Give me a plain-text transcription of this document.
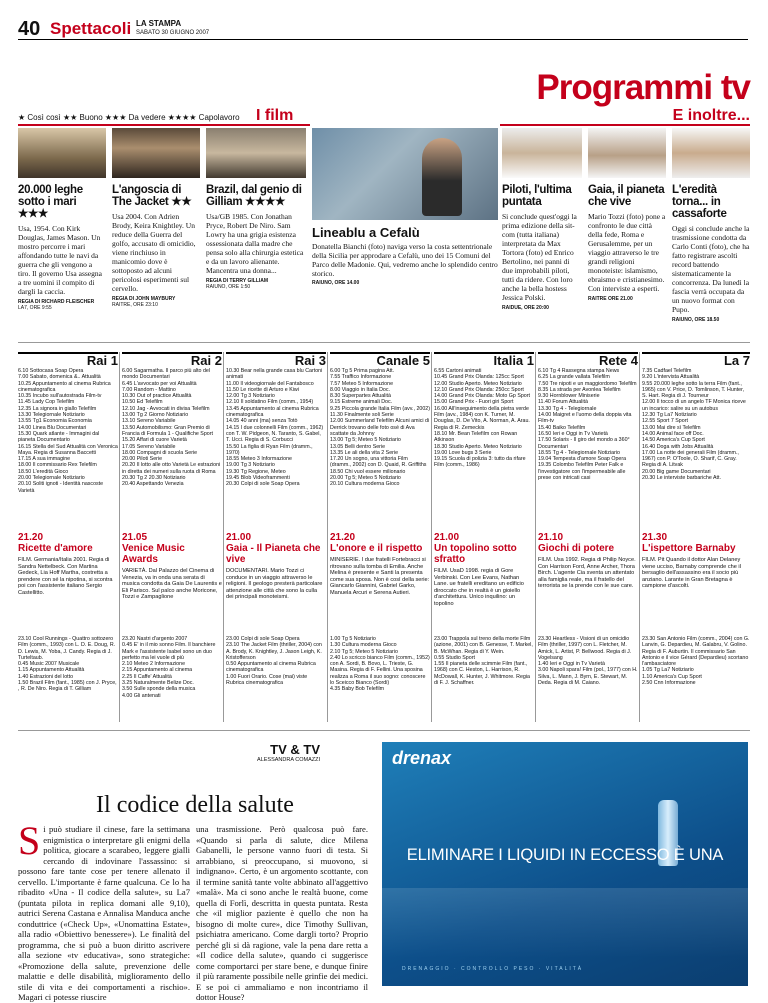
40 Spettacoli LA STAMPA
SABATO 30 GIUGNO 2007
Programmi tv
★ Così così ★★ Buono ★★★ Da vedere ★★★★ Capolavoro I film	E inoltre...
20.000 leghe sotto i mari ★★★

Usa, 1954. Con Kirk Douglas, James Mason. Un mostro percorre i mari affondando tutte le navi da guerra che gli vengono a tiro. Il governo Usa assegna a tre uomini il compito di dargli la caccia.

REGIA DI RICHARD FLEISCHER
LA7, ORE 9:55
L'angoscia di The Jacket ★★

Usa 2004. Con Adrien Brody, Keira Knightley. Un reduce della Guerra del golfo, accusato di omicidio, viene rinchiuso in manicomio dove è sottoposto ad alcuni pericolosi esperimenti sul cervello.

REGIA DI JOHN MAYBURY
RAITRE, ORE 23:10
Brazil, dal genio di Gilliam ★★★★

Usa/GB 1985. Con Jonathan Pryce, Robert De Niro. Sam Lowry ha una grigia esistenza ossessionata dalla madre che pensa solo alla chirurgia estetica e da un lavoro alienante. Mancentra una donna...

REGIA DI TERRY GILLIAM
RAIUNO, ORE 1:50
Piloti, l'ultima puntata

Si conclude quest'oggi la prima edizione della sit-com (tutta italiana) interpretata da Max Tortora (foto) ed Enrico Bertolino, nei panni di due improbabili piloti, tutti da ridere. Con loro anche la bella hostess Jessica Polski.

RAIDUE, ORE 20:00
Gaia, il pianeta che vive

Mario Tozzi (foto) pone a confronto le due città della fede, Roma e Gerusalemme, per un viaggio attraverso le tre grandi religioni monoteiste: islamismo, ebraismo e cristianesimo. Con interviste a esperti.

RAITRE ORE 21.00
L'eredità torna... in cassaforte

Oggi si conclude anche la trasmissione condotta da Carlo Conti (foto), che ha fatto registrare ascolti record battendo sistematicamente la concorrenza. Da lunedì la fascia verrà occupata da un nuovo format con Pupo.

RAIUNO, ORE 18.50
Lineablu a Cefalù

Donatella Bianchi (foto) naviga verso la costa settentrionale della Sicilia per approdare a Cefalù, uno dei 15 Comuni del Parco delle Madonie. Qui, vedremo anche lo splendido centro storico.

RAIUNO, ORE 14.00
Rai 1
6.10 Sottocasa Soap Opera
7.00 Sabato, domenica &.. Attualità
10.25 Appuntamento al cinema Rubrica cinematografica
10.35 Incubo sull'autostrada Film-tv
11.45 Lady Cop Telefilm
12.35 La signora in giallo Telefilm
13.30 Telegiornale Notiziario
13.55 Tg1 Economia Economia
14.00 Linea Blu Documentari
15.30 Quark atlante - Immagini dal pianeta Documentario
16.15 Stella del Sud Attualità con Veronica Maya. Regia di Susanna Baccetti
17.15 A sua immagine
18.00 Il commissario Rex Telefilm
18.50 L'eredità Gioco
20.00 Telegiornale Notiziario
20.10 Soliti ignoti - Identità nascoste Varietà
21.20
Ricette d'amore
FILM. Germania/Italia 2001. Regia di Sandra Nettelbeck. Con Martina Gedeck, Lia Hoff Martha, costretta a prendere con sé la nipotina, si scontra poi con l'assistente italiano Sergio Castellitto.
23.10 Cool Runnings - Quattro sottozero Film (comm., 1993) con L. D. E. Doug, R. D. Lewis, M. Yoba, J. Candy. Regia di J. Turteltaub.
0.45 Music 2007 Musicale
1.15 Appuntamento Attualità
1.40 Estrazioni del lotto
1.50 Brazil Film (fant., 1985) con J. Pryce, , R. De Niro. Regia di T. Gilliam
Rai 2
6.00 Sagarmatha. Il parco più alto del mondo Documentari
6.45 L'avvocato per voi Attualità
7.00 Random - Mattino
10.30 Out of practice Attualità
10.50 Ed Telefilm
12.10 Jag - Avvocati in divisa Telefilm
13.00 Tg 2 Giorno Notiziario
13.10 Sereno Variabile
13.50 Automobilismo: Gran Premio di Francia di Formula 1 - Qualifiche Sport
15.20 Affari di cuore Varietà
17.05 Sereno Variabile
18.00 Compagni di scuola Serie
20.00 Piloti Serie
20.20 Il lotto alle otto Varietà Le estrazioni in diretta dei numeri sulla ruota di Roma
20.30 Tg 2 20.30 Notiziario
20.40 Aspettando Venezia
21.05
Venice Music Awards
VARIETÀ. Dal Palazzo del Cinema di Venezia, va in onda una serata di musica condotta da Gaia De Laurentis e Eli Parisco. Sul palco anche Moricone, Tozzi e Zampaglione
23.20 Nastri d'argento 2007
0.45 E' in il mio sonno Film. Il banchiere Mark e l'assistente Isabel sono un duo perfetto ma lei vuole di più
2.10 Meteo 2 Informazione
2.15 Appuntamento al cinema
2.25 Il Caffe' Attualità
3.25 Naturalmente Belize Doc.
3.50 Sulle sponde della musica
4.00 Gli antenati
Rai 3
10.30 Bear nella grande casa blu Cartoni animati
11.00 Il videogiornale del Fantabosco
11.50 Le ricette di Arturo e Kiwi
12.00 Tg 3 Notiziario
12.10 Il soldatino Film (comm., 1954)
13.45 Appuntamento al cinema Rubrica cinematografica
14.05 40 anni (ma) senza Totò
14.15 I due colonnelli Film (comm., 1962) con T. W. Pidgeon, N. Taranto, S. Gabel, T. Ucci. Regia di S. Corbucci
15.50 La figlia di Ryan Film (dramm., 1970)
18.55 Meteo 3 Informazione
19.00 Tg 3 Notiziario
19.30 Tg Regione, Meteo
19.45 Blob Videoframmenti
20.30 Colpi di sole Soap Opera
21.00
Gaia - Il Pianeta che vive
DOCUMENTARI. Mario Tozzi ci conduce in un viaggio attraverso le religioni. Il geologo presterà particolare attenzione alle città che sono la culla dei principali monoteismi.
23.00 Colpi di sole Soap Opera
23.10 The Jacket Film (thriller, 2004) con A. Brody, K. Knightley, J. Jason Leigh, K. Kristofferson
0.50 Appuntamento al cinema Rubrica cinematografica
1.00 Fuori Orario. Cose (mai) viste Rubrica cinematografica
Canale 5
6.00 Tg 5 Prima pagina Att.
7.55 Traffico Informazione
7.57 Meteo 5 Informazione
8.00 Viaggio in Italia Doc.
8.30 Superpartes Attualità
9.15 Estreme animali Doc.
9.25 Piccola grande Italia Film (avv., 2002)
11.30 Finalmente soli Serie
12.00 Summerland Telefilm Alcuni amici di Derrick trovano delle foto osé di Ava scattate da Johnny
13.00 Tg 5; Meteo 5 Notiziario
13.05 Belli dentro Serie
13.35 Le ali della vita 2 Serie
17.20 Un sogno, una vittoria Film (dramm., 2002) con D. Quaid, R. Griffiths
18.50 Chi vuol essere milionario
20.00 Tg 5; Meteo 5 Notiziario
20.10 Cultura moderna Gioco
21.20
L'onore e il rispetto
MINISERIE. I due fratelli Fortebracci si ritrovano sulla tomba di Emilia. Anche Melina è presente e Santi la presenta come sua sposa. Non è così della serie: Giancarlo Giannini, Gabriel Garko, Manuela Arcuri e Serena Autieri.
1.00 Tg 5 Notiziario
1.30 Cultura moderna Gioco
2.10 Tg 5; Meteo 5 Notiziario
2.40 Lo scricco bianco Film (comm., 1952) con A. Sordi, B. Bovo, L. Trieste, G. Masina. Regia di F. Fellini. Una sposina realizza a Roma il suo sogno: conoscere lo Sceicco Bianco (Sordi)
4.35 Baby Bob Telefilm
Italia 1
6.55 Cartoni animati
10.45 Grand Prix Olanda: 125cc Sport
12.00 Studio Aperto. Meteo Notiziario
12.10 Grand Prix Olanda: 250cc Sport
14.00 Grand Prix Olanda: Moto Gp Sport
15.00 Grand Prix - Fuori giri Sport
16.00 All'inseguimento della pietra verde Film (avv., 1984) con K. Turner, M. Douglas, D. De Vito, A. Norman, A. Arau. Regia di R. Zemeckis
18.10 Mr. Bean Telefilm con Rowan Atkinson
18.30 Studio Aperto. Meteo Notiziario
19.00 Love bugs 3 Serie
19.15 Scuola di polizia 3: tutto da rifare Film (comm., 1986)
21.00
Un topolino sotto sfratto
FILM. UsaD 1998. regia di Gore Verbinski. Con Lee Evans, Nathan Lane. ue fratelli ereditano un edificio diroccato che in realtà è un gioiello d'architettura. Unico inquilino: un topolino
23.00 Trappola sul treno della morte Film (azione, 2001) con B. Genesse, T. Markel, B. McWhan. Regia di Y. Wein.
0.55 Studio Sport
1.55 Il pianeta delle scimmie Film (fant., 1968) con C. Heston, L. Harrison, R. McDowall, K. Hunter, J. Whitmore. Regia di F. J. Schaffner.
Rete 4
6.10 Tg 4 Rassegna stampa News
6.25 La grande vallata Telefilm
7.50 Tre nipoti e un maggiordomo Telefilm
8.35 La strada per Avonlea Telefilm
9.30 Hornblower Miniserie
11.40 Forum Attualità
13.30 Tg 4 - Telegiornale
14.00 Maigret e l'uomo della doppia vita Film-tv
15.40 Baiko Telefilm
16.50 Ieri e Oggi in Tv Varietà
17.50 Solaris - Il giro del mondo a 360° Documentari
18.55 Tg 4 - Telegiornale Notiziario
19.04 Tempesta d'amore Soap Opera
19.35 Colombo Telefilm Peter Falk e l'investigatore con l'impermeabile alle prese con intricati casi
21.10
Giochi di potere
FILM. Usa 1992. Regia di Philip Noyce. Con Harrison Ford, Anne Archer, Thora Birch. L'agente Cia sventa un attentato alla famiglia reale, ma il fratello del terrorista se la prende con le sue care.
23.30 Heartless - Visioni di un omicidio Film (thriller, 1997) con L. Fletcher, M. Amick, L. Artist, P. Bellwood. Regia di J. Vogelsang
1.40 Ieri e Oggi in Tv Varietà
3.00 Napoli spara! Film (pol., 1977) con H. Silva, L. Mann, J. Byrn, E. Stewart, M. Deda. Regia di M. Caiano.
La 7
7.35 Cadfael Telefilm
9.20 L'intervista Attualità
9.55 20.000 leghe sotto la terra Film (fant., 1965) con V. Price, D. Tomlinson, T. Hunter, S. Hart. Regia di J. Tourneur
12.00 Il tocco di un angelo TF Monica riceve un incarico: salire su un autobus
12.30 Tg La7 Notiziario
12.55 Sport 7 Sport
13.00 Mai dire sì Telefilm
14.00 Animal face off Doc.
14.50 America's Cup Sport
16.40 Doga with Jobs Attualità
17.00 La notte dei generali Film (dramm., 1967) con P. O'Toole, O. Sharif, C. Gray. Regia di A. Litvak
20.00 Big game Documentari
20.30 Le interviste barbariche Att.
21.30
L'ispettore Barnaby
FILM. Pit Quando il dottor Alan Delaney viene ucciso, Barnaby comprende che il bersaglio dell'assassino era il socio più anziano. Larante in Gran Bretagna è campione d'ascolti.
23.30 San Antonio Film (comm., 2004) con G. Lanvin, G. Depardieu, M. Galabru, V. Golino. Regia di F. Auburtin. Il commissario San Antonio e il vice Gérard (Depardieu) scortano l'ambasciatore
1.05 Tg La7 Notiziario
1.10 America's Cup Sport
2.50 Cnn Informazione
TV & TV
ALESSANDRA COMAZZI
Il codice della salute
Si può studiare il cinese, fare la settimana enigmistica o interpretare gli enigmi della politica, giocare a scarabeo, leggere gialli cercando di indovinare l'assassino: si possono fare tante cose per tenere allenato il cervello. L'importante è farne qualcuna. Ce lo ha ribadito «Una - Il codice della salute», su La7 (puntata pilota in replica domani alle 9,10), autrici Serena Castana e Annalisa Manduca anche conduttrice («Check Up», «Unomattina Estate», alla radio «Obiettivo benessere»). Le finalità del programma, che si può a buon diritto ascrivere alla sezione «tv educativa», sono strategiche: «Promozione della salute, prevenzione delle malattie e delle disabilità, miglioramento dello stile di vita e dei comportamenti a rischio». Magari ci potesse riuscire
una trasmissione. Però qualcosa può fare. «Quando si parla di salute, dice Milena Gabanelli, le persone vanno fuori di testa. Si arrabbiano, si preoccupano, si muovono, si indignano». Certo, è un argomento scottante, con il termine sanità tante volte abbinato all'aggettivo «malà». Ma ci sono anche le realtà buone, come quella di Forlì, descritta in questa puntata. Resta che «il miglior paziente è quello che non ha bisogno di molte cure», dice Timothy Sullivan, psichiatra americano. Come dargli torto? Proprio perché gli si dà ragione, vale la pena dare retta a «Il codice della salute», quando ci suggerisce come comportarci per stare bene, e dunque finire il più raramente possibile nelle grinfie dei medici. E se poi ci ammaliamo e non incontriamo il dottor House?
drenax
ELIMINARE I LIQUIDI IN ECCESSO È UNA
DRENAGGIO · CONTROLLO PESO · VITALITÀ
